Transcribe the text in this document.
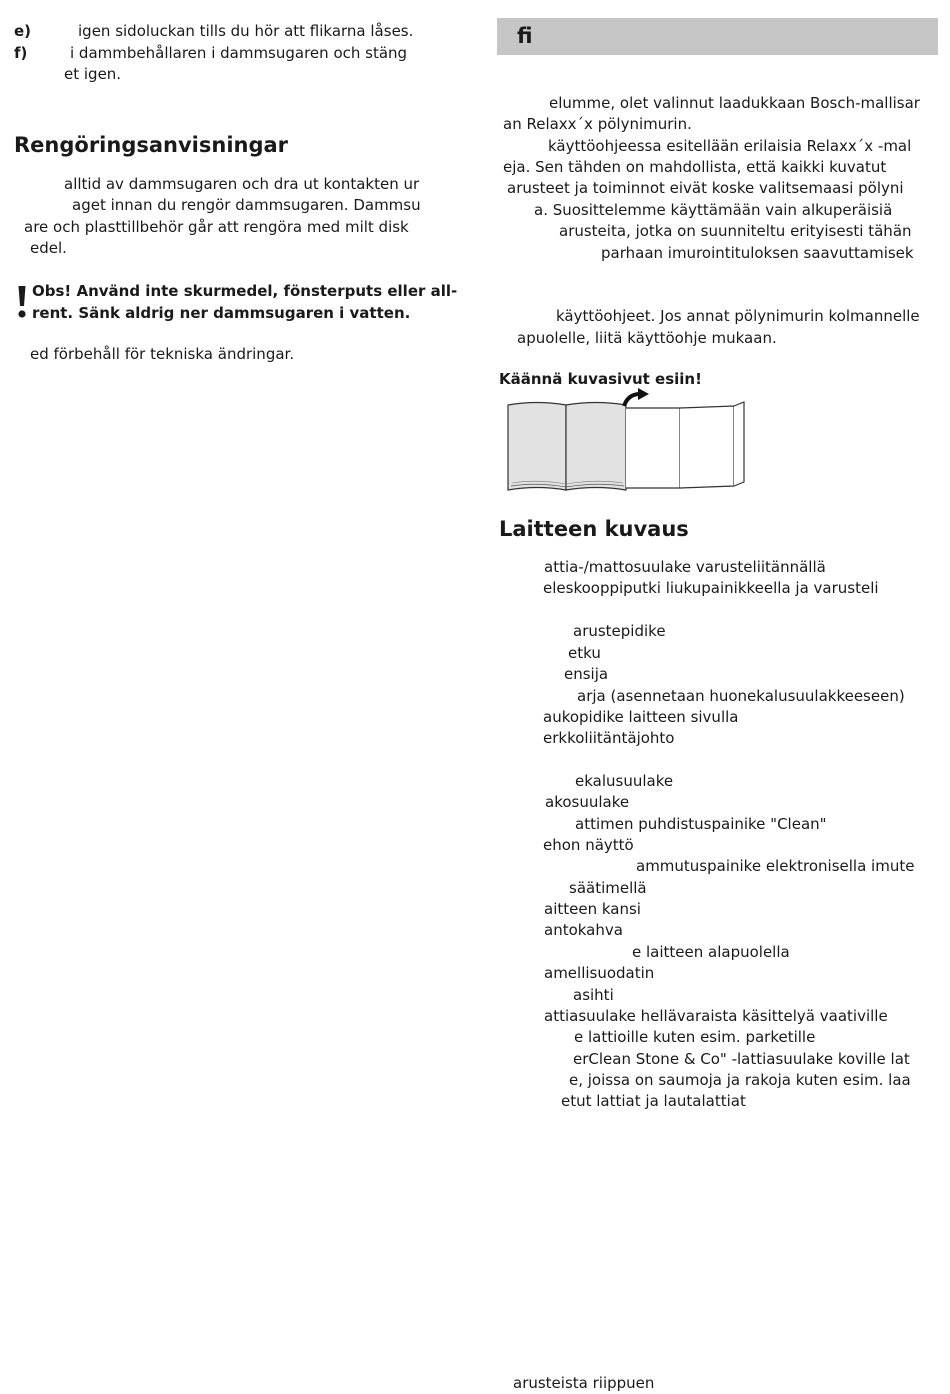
e)	igen sidoluckan tills du hör att flikarna låses.
f)	i dammbehållaren i dammsugaren och stäng
et igen.
Rengöringsanvisningar
alltid av dammsugaren och dra ut kontakten ur
aget innan du rengör dammsugaren. Dammsu
are och plasttillbehör går att rengöra med milt disk
edel.
Obs! Använd inte skurmedel, fönsterputs eller all-
rent. Sänk aldrig ner dammsugaren i vatten.
ed förbehåll för tekniska ändringar.
fi
elumme, olet valinnut laadukkaan Bosch-mallisar
an Relaxx´x pölynimurin.
käyttöohjeessa esitellään erilaisia Relaxx´x -mal
eja. Sen tähden on mahdollista, että kaikki kuvatut
arusteet ja toiminnot eivät koske valitsemaasi pölyni
a. Suosittelemme käyttämään vain alkuperäisiä
arusteita, jotka on suunniteltu erityisesti tähän
parhaan imurointituloksen saavuttamisek
käyttöohjeet. Jos annat pölynimurin kolmannelle
apuolelle, liitä käyttöohje mukaan.
Käännä kuvasivut esiin!
Laitteen kuvaus
attia-/mattosuulake varusteliitännällä
eleskooppiputki liukupainikkeella ja varusteli
arustepidike
etku
ensija
arja (asennetaan huonekalusuulakkeeseen)
aukopidike laitteen sivulla
erkkoliitäntäjohto
ekalusuulake
akosuulake
attimen puhdistuspainike "Clean"
ehon näyttö
ammutuspainike elektronisella imute
säätimellä
aitteen kansi
antokahva
e laitteen alapuolella
amellisuodatin
asihti
attiasuulake hellävaraista käsittelyä vaativille
e lattioille kuten esim. parketille
erClean Stone & Co" -lattiasuulake koville lat
e, joissa on saumoja ja rakoja kuten esim. laa
etut lattiat ja lautalattiat
arusteista riippuen
